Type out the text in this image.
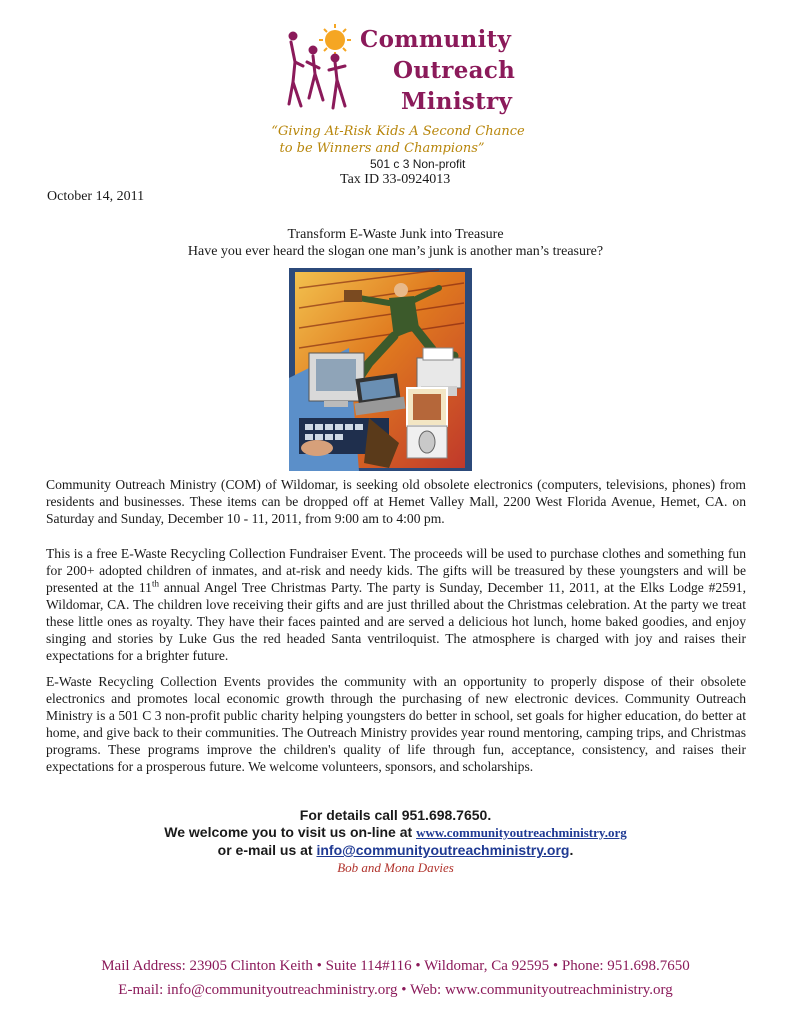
Community
Outreach
Ministry
“Giving At-Risk Kids A Second Chance
to be Winners and Champions”
501 c 3 Non-profit
Tax ID 33-0924013
October 14, 2011
Transform E-Waste Junk into Treasure
Have you ever heard the slogan one man’s junk is another man’s treasure?

Community Outreach Ministry (COM) of Wildomar, is seeking old obsolete electronics (computers, televisions, phones) from residents and businesses. These items can be dropped off at Hemet Valley Mall, 2200 West Florida Avenue, Hemet, CA. on Saturday and Sunday, December 10 - 11, 2011, from 9:00 am to 4:00 pm.

This is a free E-Waste Recycling Collection Fundraiser Event. The proceeds will be used to purchase clothes and something fun for 200+ adopted children of inmates, and at-risk and needy kids. The gifts will be treasured by these youngsters and will be presented at the 11th annual Angel Tree Christmas Party. The party is Sunday, December 11, 2011, at the Elks Lodge #2591, Wildomar, CA. The children love receiving their gifts and are just thrilled about the Christmas celebration. At the party we treat these little ones as royalty. They have their faces painted and are served a delicious hot lunch, home baked goodies, and enjoy singing and stories by Luke Gus the red headed Santa ventriloquist. The atmosphere is charged with joy and raises their expectations for a brighter future.

E-Waste Recycling Collection Events provides the community with an opportunity to properly dispose of their obsolete electronics and promotes local economic growth through the purchasing of new electronic devices. Community Outreach Ministry is a 501 C 3 non-profit public charity helping youngsters do better in school, set goals for higher education, do better at home, and give back to their communities. The Outreach Ministry provides year round mentoring, camping trips, and Christmas programs. These programs improve the children's quality of life through fun, acceptance, consistency, and raises their expectations for a prosperous future. We welcome volunteers, sponsors, and scholarships.

For details call 951.698.7650.
We welcome you to visit us on-line at www.communityoutreachministry.org
or e-mail us at info@communityoutreachministry.org.
Bob and Mona Davies
Mail Address: 23905 Clinton Keith • Suite 114#116 • Wildomar, Ca 92595 • Phone: 951.698.7650
E-mail: info@communityoutreachministry.org • Web: www.communityoutreachministry.org
